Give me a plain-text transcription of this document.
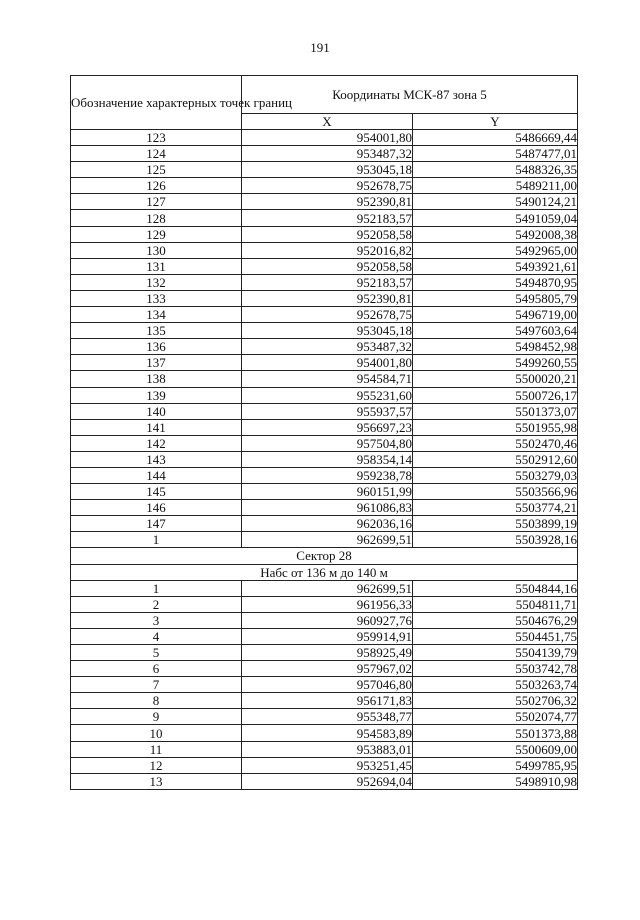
191
Обозначение характерных точек границ	Координаты МСК-87 зона 5	
	X	Y
123	954001,80	5486669,44
124	953487,32	5487477,01
125	953045,18	5488326,35
126	952678,75	5489211,00
127	952390,81	5490124,21
128	952183,57	5491059,04
129	952058,58	5492008,38
130	952016,82	5492965,00
131	952058,58	5493921,61
132	952183,57	5494870,95
133	952390,81	5495805,79
134	952678,75	5496719,00
135	953045,18	5497603,64
136	953487,32	5498452,98
137	954001,80	5499260,55
138	954584,71	5500020,21
139	955231,60	5500726,17
140	955937,57	5501373,07
141	956697,23	5501955,98
142	957504,80	5502470,46
143	958354,14	5502912,60
144	959238,78	5503279,03
145	960151,99	5503566,96
146	961086,83	5503774,21
147	962036,16	5503899,19
1	962699,51	5503928,16
Сектор 28		
Набс от 136 м до 140 м		
1	962699,51	5504844,16
2	961956,33	5504811,71
3	960927,76	5504676,29
4	959914,91	5504451,75
5	958925,49	5504139,79
6	957967,02	5503742,78
7	957046,80	5503263,74
8	956171,83	5502706,32
9	955348,77	5502074,77
10	954583,89	5501373,88
11	953883,01	5500609,00
12	953251,45	5499785,95
13	952694,04	5498910,98
